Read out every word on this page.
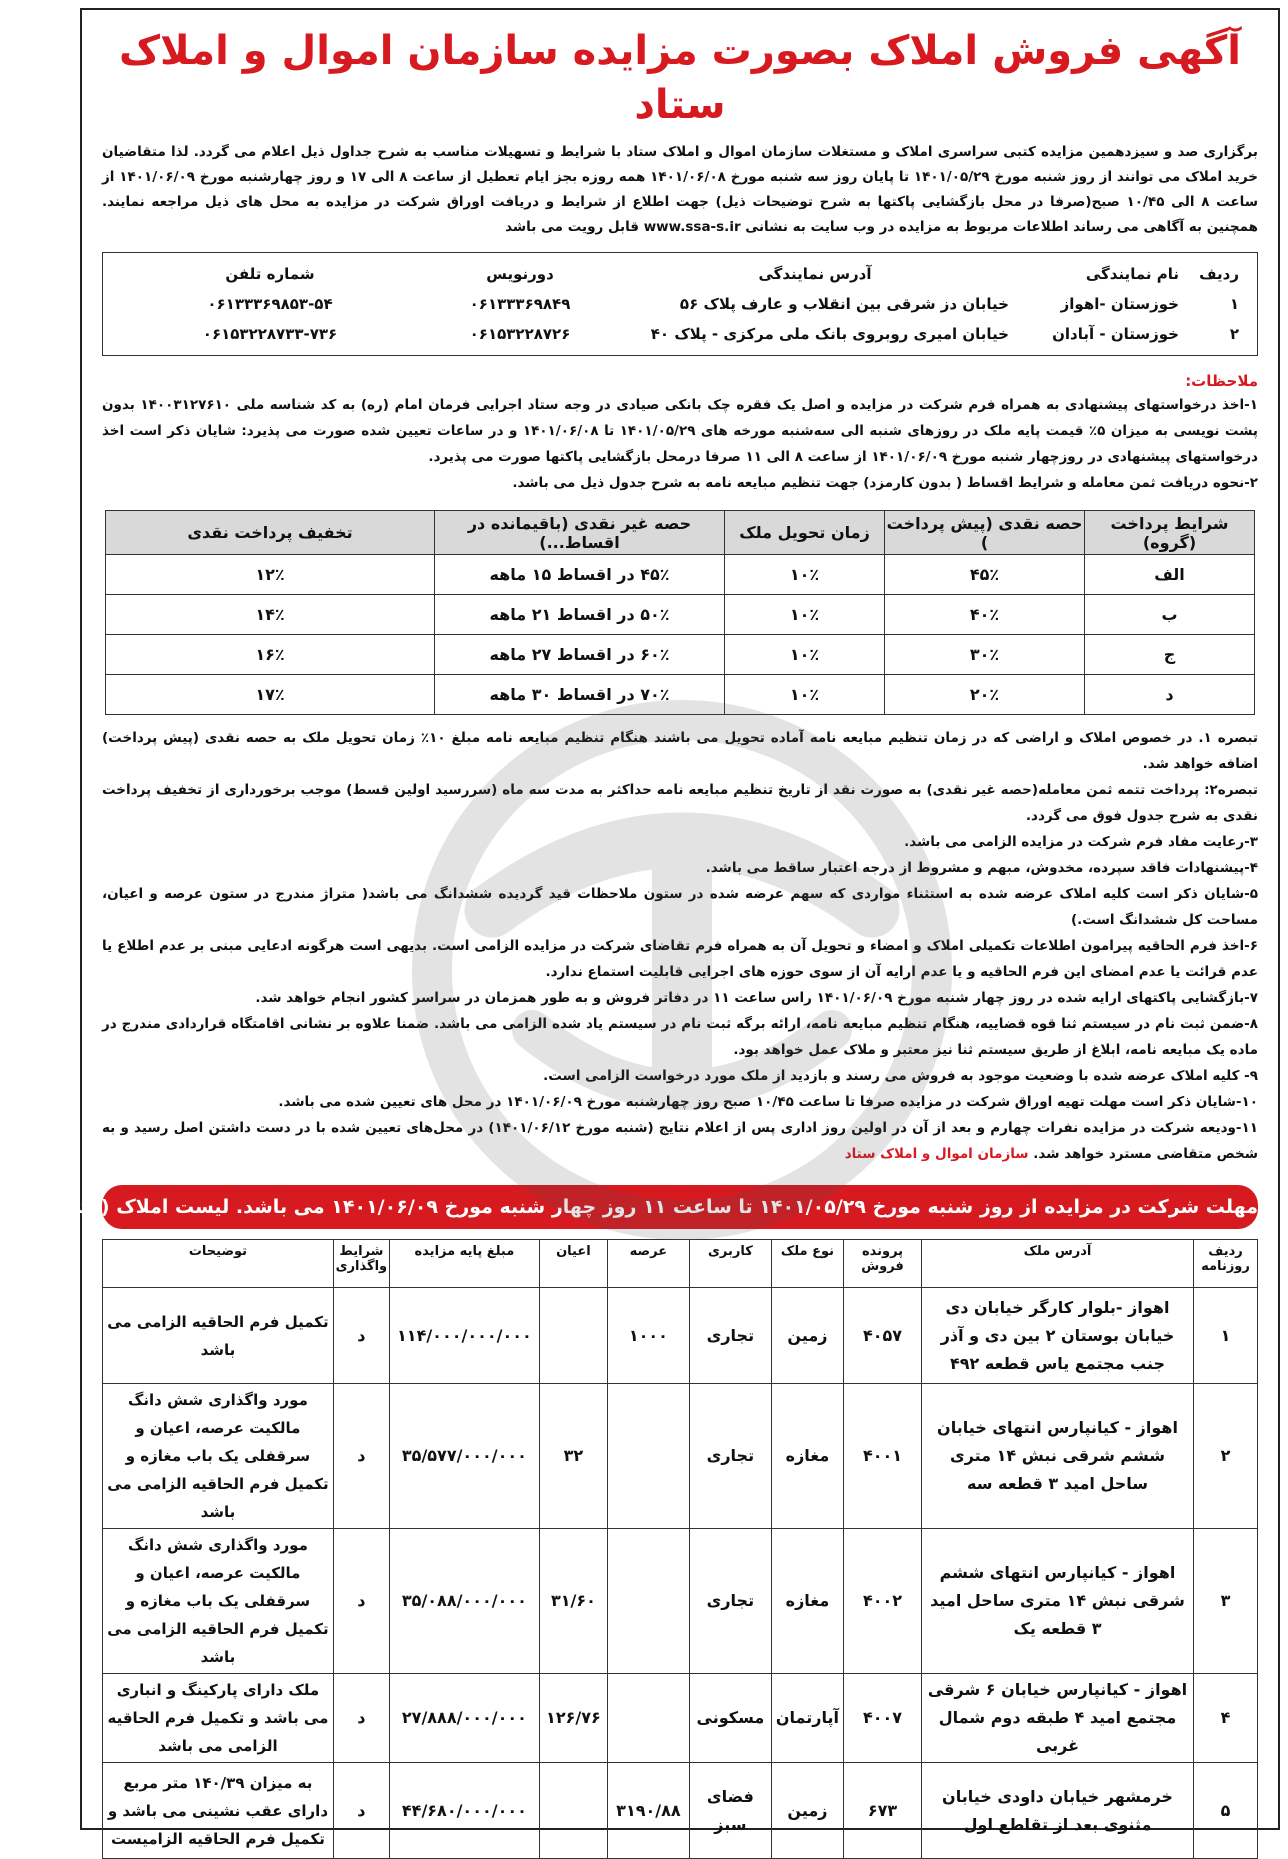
آگهی فروش املاک بصورت مزایده سازمان اموال و املاک ستاد

برگزاری صد و سیزدهمین مزایده کتبی سراسری املاک و مستغلات سازمان اموال و املاک ستاد با شرایط و تسهیلات مناسب به شرح جداول ذیل اعلام می گردد. لذا متقاضیان خرید املاک می توانند از روز شنبه مورخ ۱۴۰۱/۰۵/۲۹ تا پایان روز سه شنبه مورخ ۱۴۰۱/۰۶/۰۸ همه روزه بجز ایام تعطیل از ساعت ۸ الی ۱۷ و روز چهارشنبه مورخ ۱۴۰۱/۰۶/۰۹ از ساعت ۸ الی ۱۰/۴۵ صبح(صرفا در محل بازگشایی پاکتها به شرح توضیحات ذیل) جهت اطلاع از شرایط و دریافت اوراق شرکت در مزایده به محل های ذیل مراجعه نمایند. همچنین به آگاهی می رساند اطلاعات مربوط به مزایده در وب سایت به نشانی www.ssa-s.ir قابل رویت می باشد

ردیف	نام نمایندگی	آدرس نمایندگی	دورنویس	شماره تلفن
۱	خوزستان -اهواز	خیابان دز شرقی بین انقلاب و عارف پلاک ۵۶	۰۶۱۳۳۳۶۹۸۴۹	۰۶۱۳۳۳۶۹۸۵۳-۵۴
۲	خوزستان - آبادان	خیابان امیری روبروی بانک ملی مرکزی - پلاک ۴۰	۰۶۱۵۳۲۲۸۷۲۶	۰۶۱۵۳۲۲۸۷۳۳-۷۳۶
ملاحظات:

۱-اخذ درخواستهای پیشنهادی به همراه فرم شرکت در مزایده و اصل یک فقره چک بانکی صیادی در وجه ستاد اجرایی فرمان امام (ره) به کد شناسه ملی ۱۴۰۰۳۱۲۷۶۱۰ بدون پشت نویسی به میزان ۵٪ قیمت پایه ملک در روزهای شنبه الی سه‌شنبه مورخه های ۱۴۰۱/۰۵/۲۹ تا ۱۴۰۱/۰۶/۰۸ و در ساعات تعیین شده صورت می پذیرد: شایان ذکر است اخذ درخواستهای پیشنهادی در روزچهار شنبه مورخ ۱۴۰۱/۰۶/۰۹ از ساعت ۸ الی ۱۱ صرفا درمحل بازگشایی پاکتها صورت می پذیرد.

۲-نحوه دریافت ثمن معامله و شرایط اقساط ( بدون کارمزد) جهت تنظیم مبایعه نامه به شرح جدول ذیل می باشد.

شرایط پرداخت (گروه)	حصه نقدی (پیش پرداخت )	زمان تحویل ملک	حصه غیر نقدی (باقیمانده در اقساط...)	تخفیف پرداخت نقدی
الف	۴۵٪	۱۰٪	۴۵٪ در اقساط ۱۵ ماهه	۱۲٪
ب	۴۰٪	۱۰٪	۵۰٪ در اقساط ۲۱ ماهه	۱۴٪
ج	۳۰٪	۱۰٪	۶۰٪ در اقساط ۲۷ ماهه	۱۶٪
د	۲۰٪	۱۰٪	۷۰٪ در اقساط ۳۰ ماهه	۱۷٪

تبصره ۱. در خصوص املاک و اراضی که در زمان تنظیم مبایعه نامه آماده تحویل می باشند هنگام تنظیم مبایعه نامه مبلغ ۱۰٪ زمان تحویل ملک به حصه نقدی (پیش پرداخت) اضافه خواهد شد.

تبصره۲: پرداخت تتمه ثمن معامله(حصه غیر نقدی) به صورت نقد از تاریخ تنظیم مبایعه نامه حداکثر به مدت سه ماه (سررسید اولین قسط) موجب برخورداری از تخفیف پرداخت نقدی به شرح جدول فوق می گردد.

۳-رعایت مفاد فرم شرکت در مزایده الزامی می باشد.

۴-پیشنهادات فاقد سپرده، مخدوش، مبهم و مشروط از درجه اعتبار ساقط می باشد.

۵-شایان ذکر است کلیه املاک عرضه شده به استثناء مواردی که سهم عرضه شده در ستون ملاحظات قید گردیده ششدانگ می باشد( متراژ مندرج در ستون عرصه و اعیان، مساحت کل ششدانگ است.)

۶-اخذ فرم الحاقیه پیرامون اطلاعات تکمیلی املاک و امضاء و تحویل آن به همراه فرم تقاضای شرکت در مزایده الزامی است. بدیهی است هرگونه ادعایی مبنی بر عدم اطلاع یا عدم قرائت یا عدم امضای این فرم الحاقیه و یا عدم ارایه آن از سوی حوزه های اجرایی قابلیت استماع ندارد.

۷-بازگشایی پاکتهای ارایه شده در روز چهار شنبه مورخ ۱۴۰۱/۰۶/۰۹ راس ساعت ۱۱ در دفاتر فروش و به طور همزمان در سراسر کشور انجام خواهد شد.

۸-ضمن ثبت نام در سیستم ثنا قوه قضاییه، هنگام تنظیم مبایعه نامه، ارائه برگه ثبت نام در سیستم یاد شده الزامی می باشد. ضمنا علاوه بر نشانی اقامتگاه قراردادی مندرج در ماده یک مبایعه نامه، ابلاغ از طریق سیستم ثنا نیز معتبر و ملاک عمل خواهد بود.

۹- کلیه املاک عرضه شده با وضعیت موجود به فروش می رسند و بازدید از ملک مورد درخواست الزامی است.

۱۰-شایان ذکر است مهلت تهیه اوراق شرکت در مزایده صرفا تا ساعت ۱۰/۴۵ صبح روز چهارشنبه مورخ ۱۴۰۱/۰۶/۰۹ در محل های تعیین شده می باشد.

۱۱-ودیعه شرکت در مزایده نفرات چهارم و بعد از آن در اولین روز اداری پس از اعلام نتایج (شنبه مورخ ۱۴۰۱/۰۶/۱۲) در محل‌های تعیین شده با در دست داشتن اصل رسید و به شخص متقاضی مسترد خواهد شد. سازمان اموال و املاک ستاد

مهلت شرکت در مزایده از روز شنبه مورخ ۱۴۰۱/۰۵/۲۹ تا ساعت ۱۱ روز چهار شنبه مورخ ۱۴۰۱/۰۶/۰۹ می باشد. لیست املاک (بشرح ذیل)
ردیف روزنامه	آدرس ملک	پرونده فروش	نوع ملک	کاربری	عرصه	اعیان	مبلغ پایه مزایده	شرایط واگذاری	توضیحات
۱	اهواز -بلوار کارگر خیابان دی خیابان بوستان ۲ بین دی و آذر جنب مجتمع یاس قطعه ۴۹۲	۴۰۵۷	زمین	تجاری	۱۰۰۰		۱۱۴/۰۰۰/۰۰۰/۰۰۰	د	تکمیل فرم الحاقیه الزامی می باشد
۲	اهواز - کیانپارس انتهای خیابان ششم شرقی نبش ۱۴ متری ساحل امید ۳ قطعه سه	۴۰۰۱	مغازه	تجاری		۳۲	۳۵/۵۷۷/۰۰۰/۰۰۰	د	مورد واگذاری شش دانگ مالکیت عرصه، اعیان و سرقفلی یک باب مغازه و تکمیل فرم الحاقیه الزامی می باشد
۳	اهواز - کیانپارس انتهای ششم شرقی نبش ۱۴ متری ساحل امید ۳ قطعه یک	۴۰۰۲	مغازه	تجاری		۳۱/۶۰	۳۵/۰۸۸/۰۰۰/۰۰۰	د	مورد واگذاری شش دانگ مالکیت عرصه، اعیان و سرقفلی یک باب مغازه و تکمیل فرم الحاقیه الزامی می باشد
۴	اهواز - کیانپارس خیابان ۶ شرقی مجتمع امید ۴ طبقه دوم شمال غربی	۴۰۰۷	آپارتمان	مسکونی		۱۲۶/۷۶	۲۷/۸۸۸/۰۰۰/۰۰۰	د	ملک دارای پارکینگ و انباری می باشد و تکمیل فرم الحاقیه الزامی می باشد
۵	خرمشهر خیابان داودی خیابان مثنوی بعد از تقاطع اول	۶۷۳	زمین	فضای سبز	۳۱۹۰/۸۸		۴۴/۶۸۰/۰۰۰/۰۰۰	د	به میزان ۱۴۰/۳۹ متر مربع دارای عقب نشینی می باشد و تکمیل فرم الحاقیه الزامیست
